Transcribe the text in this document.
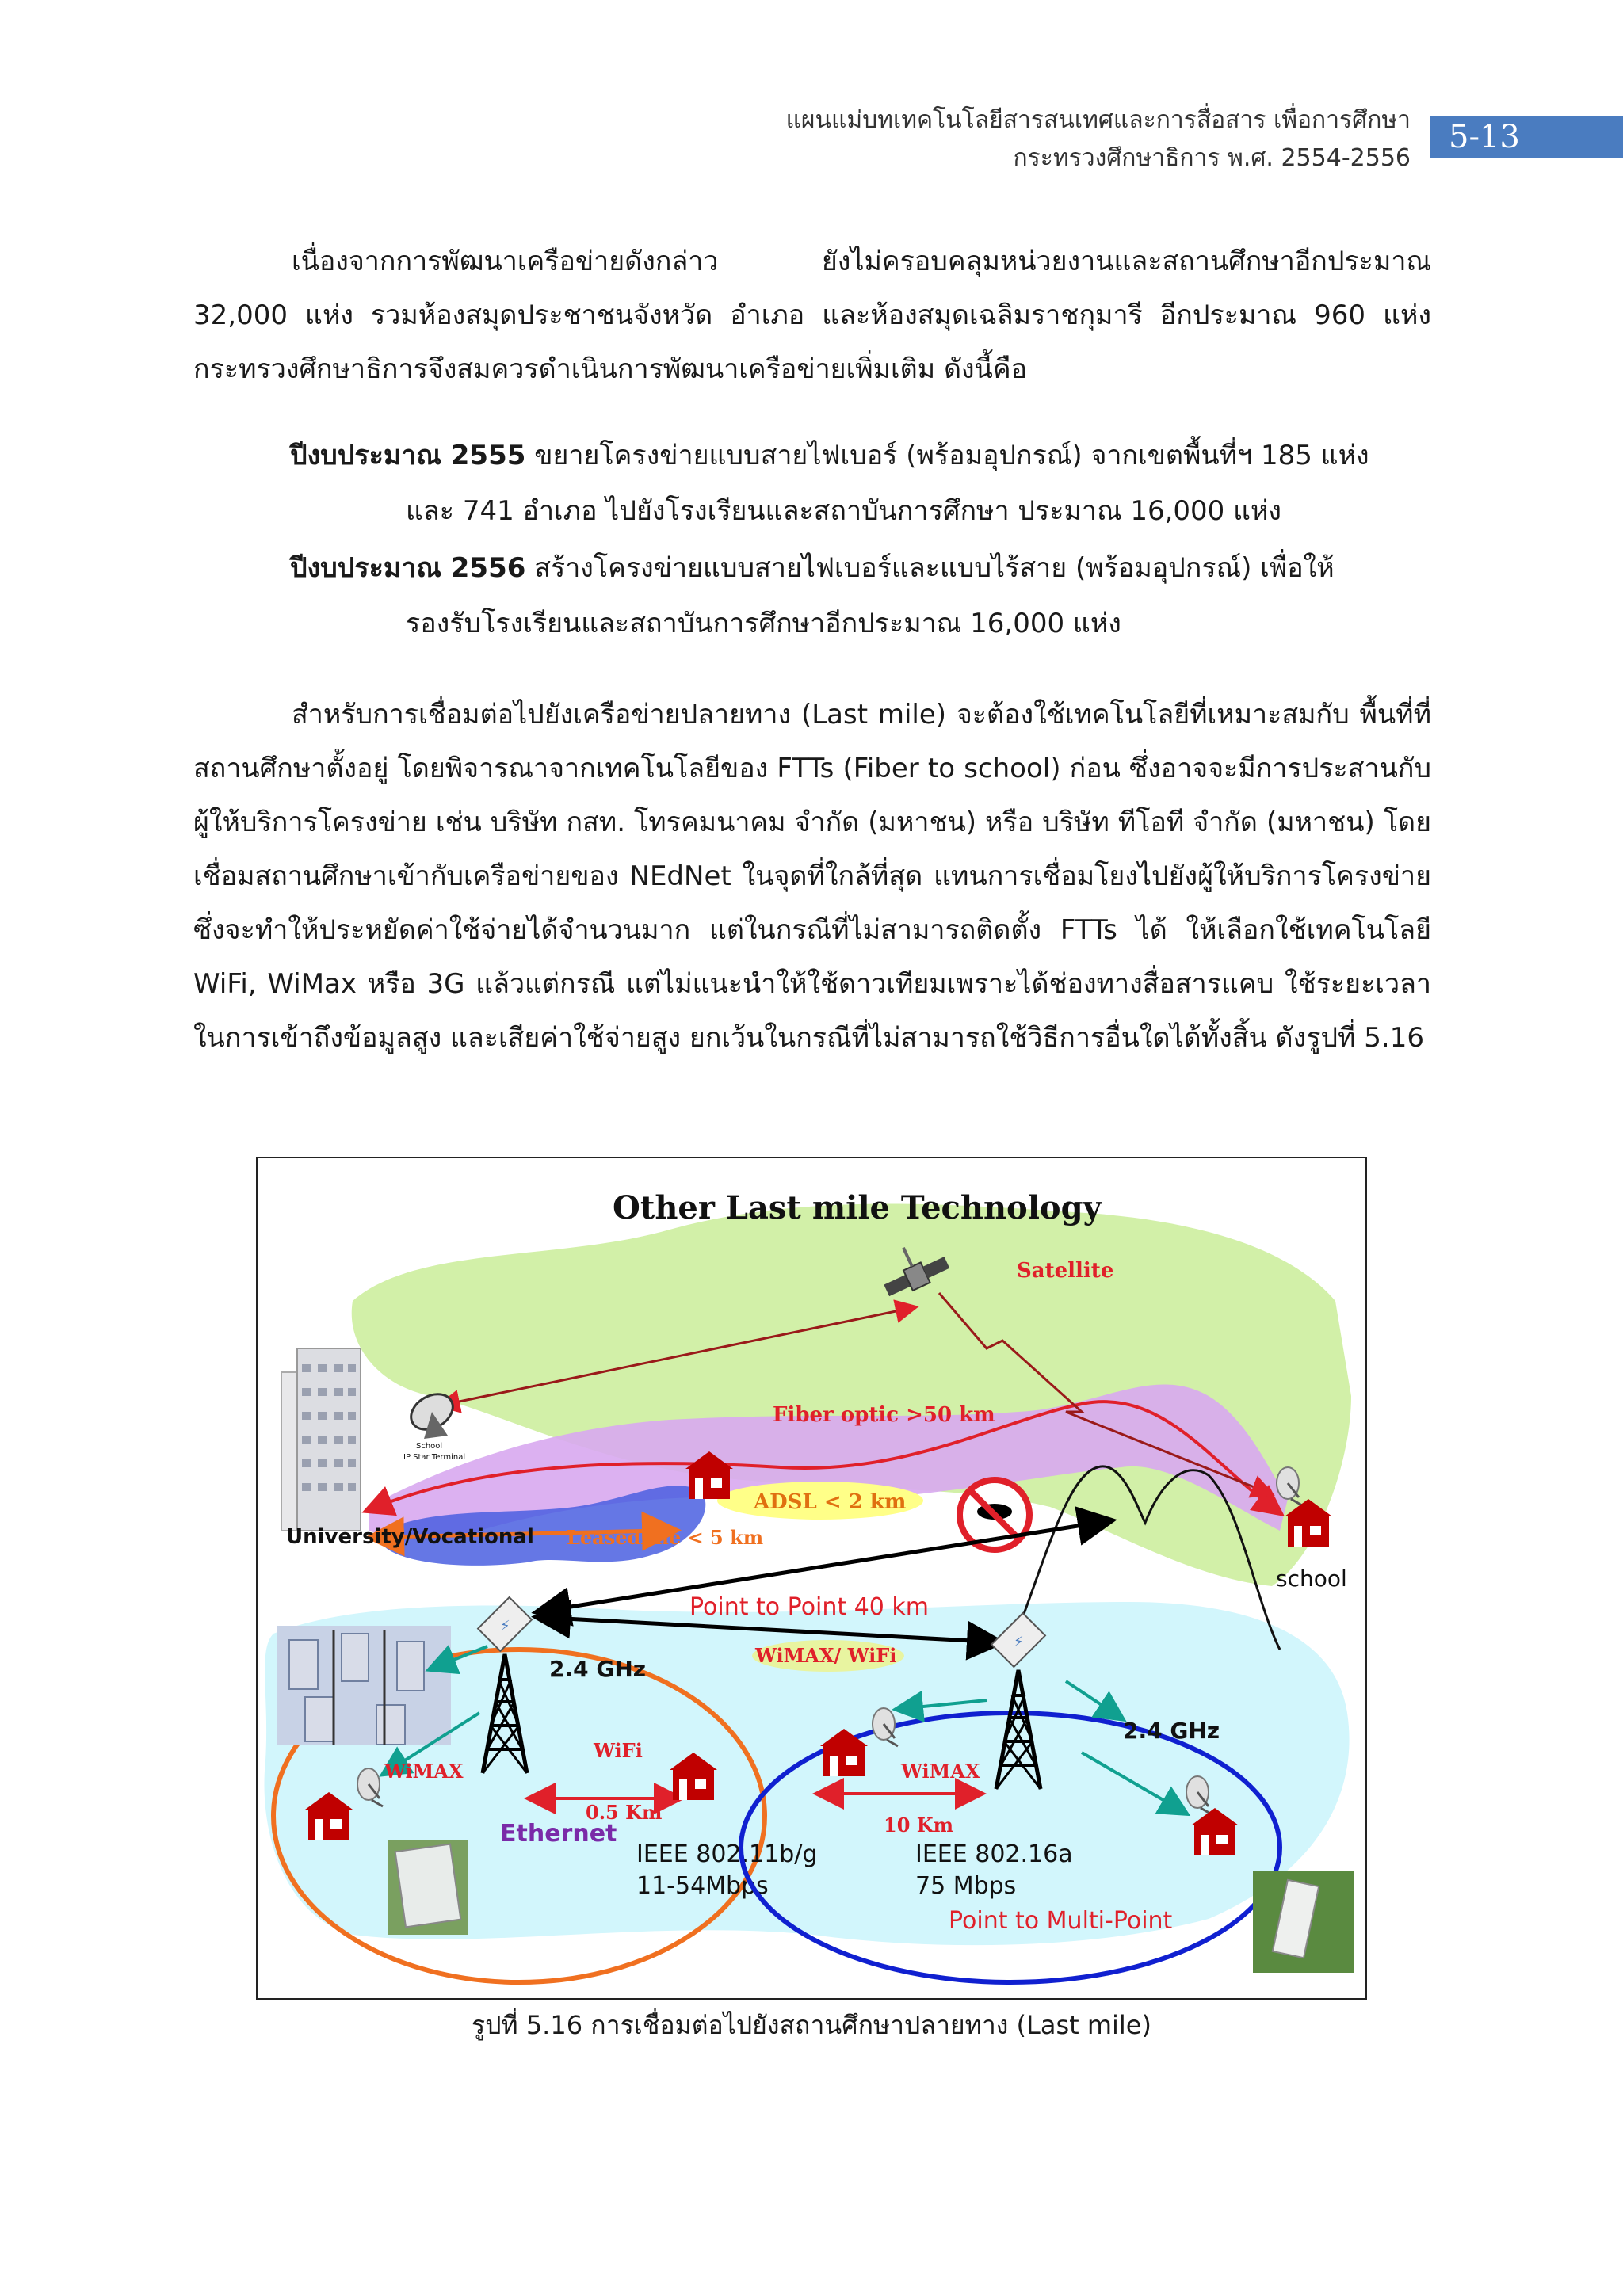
แผนแม่บทเทคโนโลยีสารสนเทศและการสื่อสาร เพื่อการศึกษา
กระทรวงศึกษาธิการ พ.ศ. 2554-2556
5-13

เนื่องจากการพัฒนาเครือข่ายดังกล่าว ยังไม่ครอบคลุมหน่วยงานและสถานศึกษาอีกประมาณ 32,000 แห่ง รวมห้องสมุดประชาชนจังหวัด อำเภอ และห้องสมุดเฉลิมราชกุมารี อีกประมาณ 960 แห่ง กระทรวงศึกษาธิการจึงสมควรดำเนินการพัฒนาเครือข่ายเพิ่มเติม ดังนี้คือ

ปีงบประมาณ 2555 ขยายโครงข่ายแบบสายไฟเบอร์ (พร้อมอุปกรณ์) จากเขตพื้นที่ฯ 185 แห่ง
และ 741 อำเภอ ไปยังโรงเรียนและสถาบันการศึกษา ประมาณ 16,000 แห่ง

ปีงบประมาณ 2556 สร้างโครงข่ายแบบสายไฟเบอร์และแบบไร้สาย (พร้อมอุปกรณ์) เพื่อให้
รองรับโรงเรียนและสถาบันการศึกษาอีกประมาณ 16,000 แห่ง

สำหรับการเชื่อมต่อไปยังเครือข่ายปลายทาง (Last mile) จะต้องใช้เทคโนโลยีที่เหมาะสมกับ พื้นที่ที่สถานศึกษาตั้งอยู่ โดยพิจารณาจากเทคโนโลยีของ FTTs (Fiber to school) ก่อน ซึ่งอาจจะมีการประสานกับผู้ให้บริการโครงข่าย เช่น บริษัท กสท. โทรคมนาคม จำกัด (มหาชน) หรือ บริษัท ทีโอที จำกัด (มหาชน) โดยเชื่อมสถานศึกษาเข้ากับเครือข่ายของ NEdNet ในจุดที่ใกล้ที่สุด แทนการเชื่อมโยงไปยังผู้ให้บริการโครงข่าย ซึ่งจะทำให้ประหยัดค่าใช้จ่ายได้จำนวนมาก แต่ในกรณีที่ไม่สามารถติดตั้ง FTTs ได้ ให้เลือกใช้เทคโนโลยี WiFi, WiMax หรือ 3G แล้วแต่กรณี แต่ไม่แนะนำให้ใช้ดาวเทียมเพราะได้ช่องทางสื่อสารแคบ ใช้ระยะเวลาในการเข้าถึงข้อมูลสูง และเสียค่าใช้จ่ายสูง ยกเว้นในกรณีที่ไม่สามารถใช้วิธีการอื่นใดได้ทั้งสิ้น ดังรูปที่ 5.16

Other Last mile Technology
Fiber optic >50 km
Leasedline < 5 km
ADSL < 2 km
Satellite
University/Vocational
School
IP Star Terminal
school
Point to Point 40 km
WiMAX/ WiFi
⚡
2.4 GHz
WiMAX
WiFi
0.5 Km
Ethernet
IEEE 802.11b/g
11-54Mbps
⚡
2.4 GHz
WiMAX
10 Km
IEEE 802.16a
75 Mbps
Point to Multi-Point
รูปที่ 5.16 การเชื่อมต่อไปยังสถานศึกษาปลายทาง (Last mile)
